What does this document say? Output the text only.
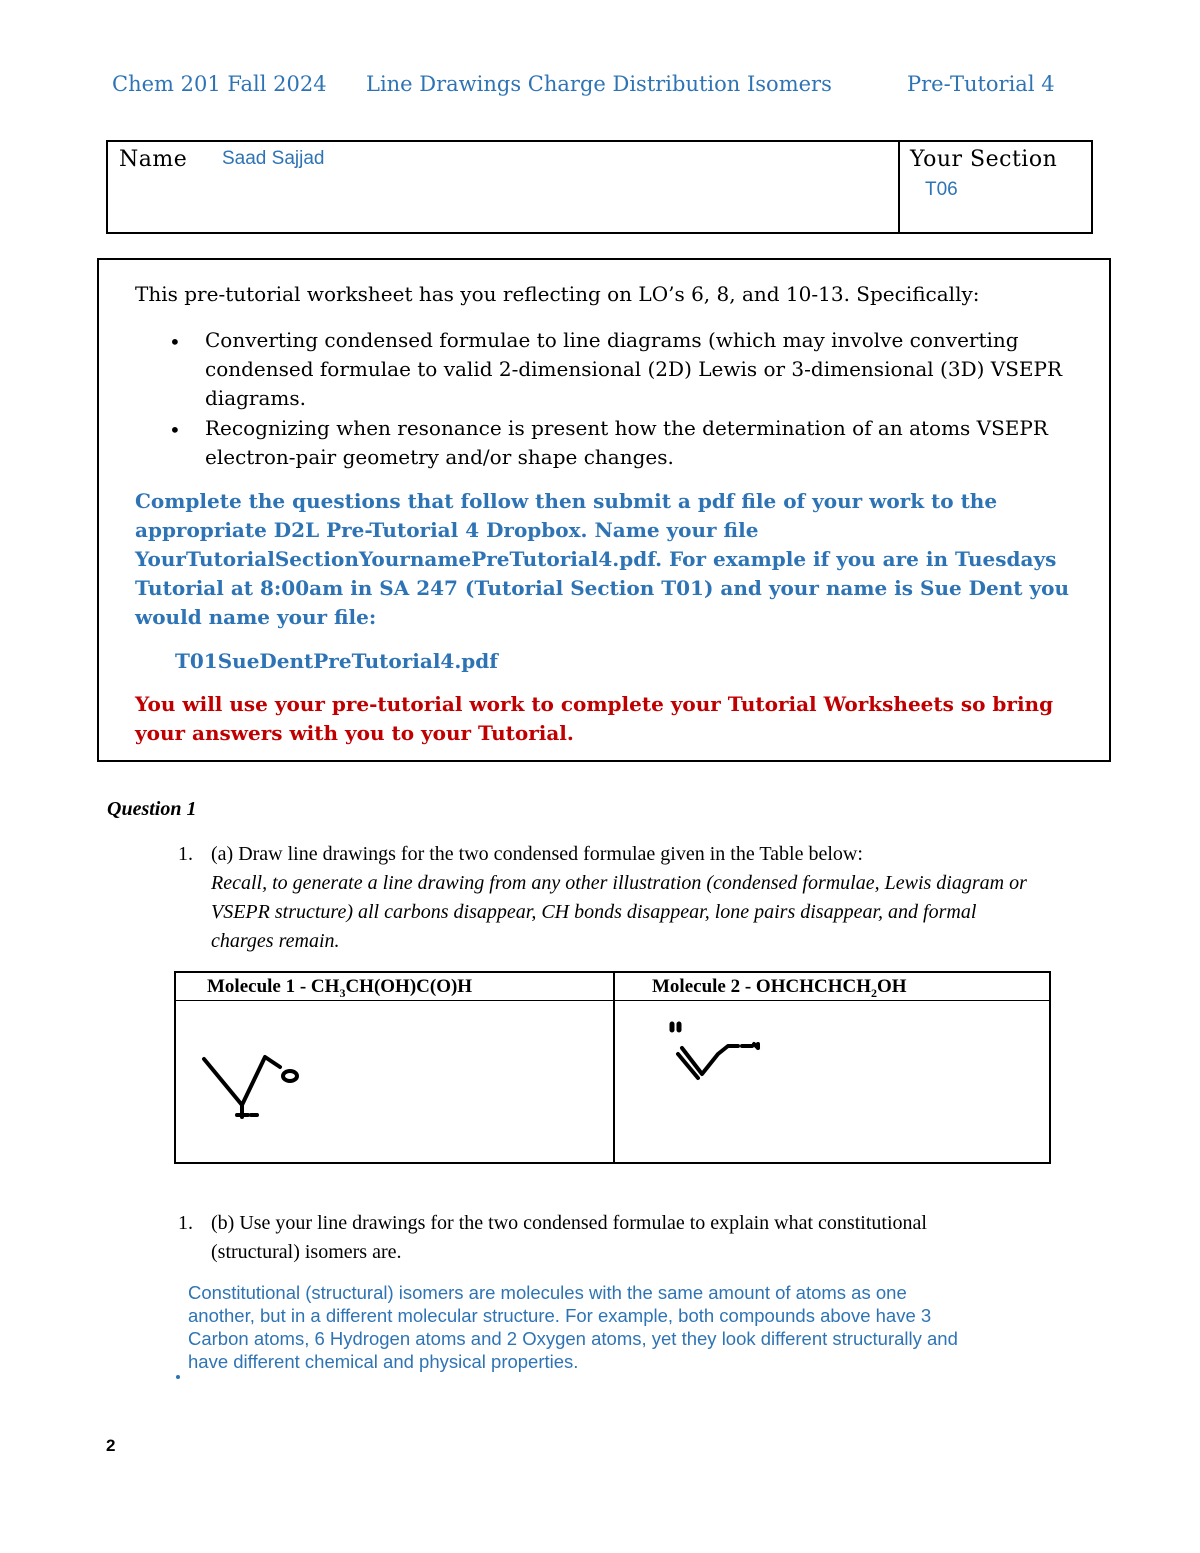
Chem 201 Fall 2024 Line Drawings Charge Distribution Isomers	Pre-Tutorial 4
Name Saad Sajjad	Your Section
T06
This pre-tutorial worksheet has you reflecting on LO’s 6, 8, and 10-13. Specifically:
• Converting condensed formulae to line diagrams (which may involve converting condensed formulae to valid 2-dimensional (2D) Lewis or 3-dimensional (3D) VSEPR diagrams.
• Recognizing when resonance is present how the determination of an atoms VSEPR electron-pair geometry and/or shape changes.
Complete the questions that follow then submit a pdf file of your work to the appropriate D2L Pre-Tutorial 4 Dropbox. Name your file YourTutorialSectionYournamePreTutorial4.pdf. For example if you are in Tuesdays Tutorial at 8:00am in SA 247 (Tutorial Section T01) and your name is Sue Dent you would name your file:
T01SueDentPreTutorial4.pdf
You will use your pre-tutorial work to complete your Tutorial Worksheets so bring your answers with you to your Tutorial.
Question 1
1. (a) Draw line drawings for the two condensed formulae given in the Table below:
Recall, to generate a line drawing from any other illustration (condensed formulae, Lewis diagram or VSEPR structure) all carbons disappear, CH bonds disappear, lone pairs disappear, and formal charges remain.
Molecule $1 - CH_3CH(OH)C(O)H$	Molecule $2 - OHCHCHCH_2OH$
1. (b) Use your line drawings for the two condensed formulae to explain what constitutional (structural) isomers are.
Constitutional (structural) isomers are molecules with the same amount of atoms as one another, but in a different molecular structure. For example, both compounds above have 3 Carbon atoms, 6 Hydrogen atoms and 2 Oxygen atoms, yet they look different structurally and have different chemical and physical properties.
2
